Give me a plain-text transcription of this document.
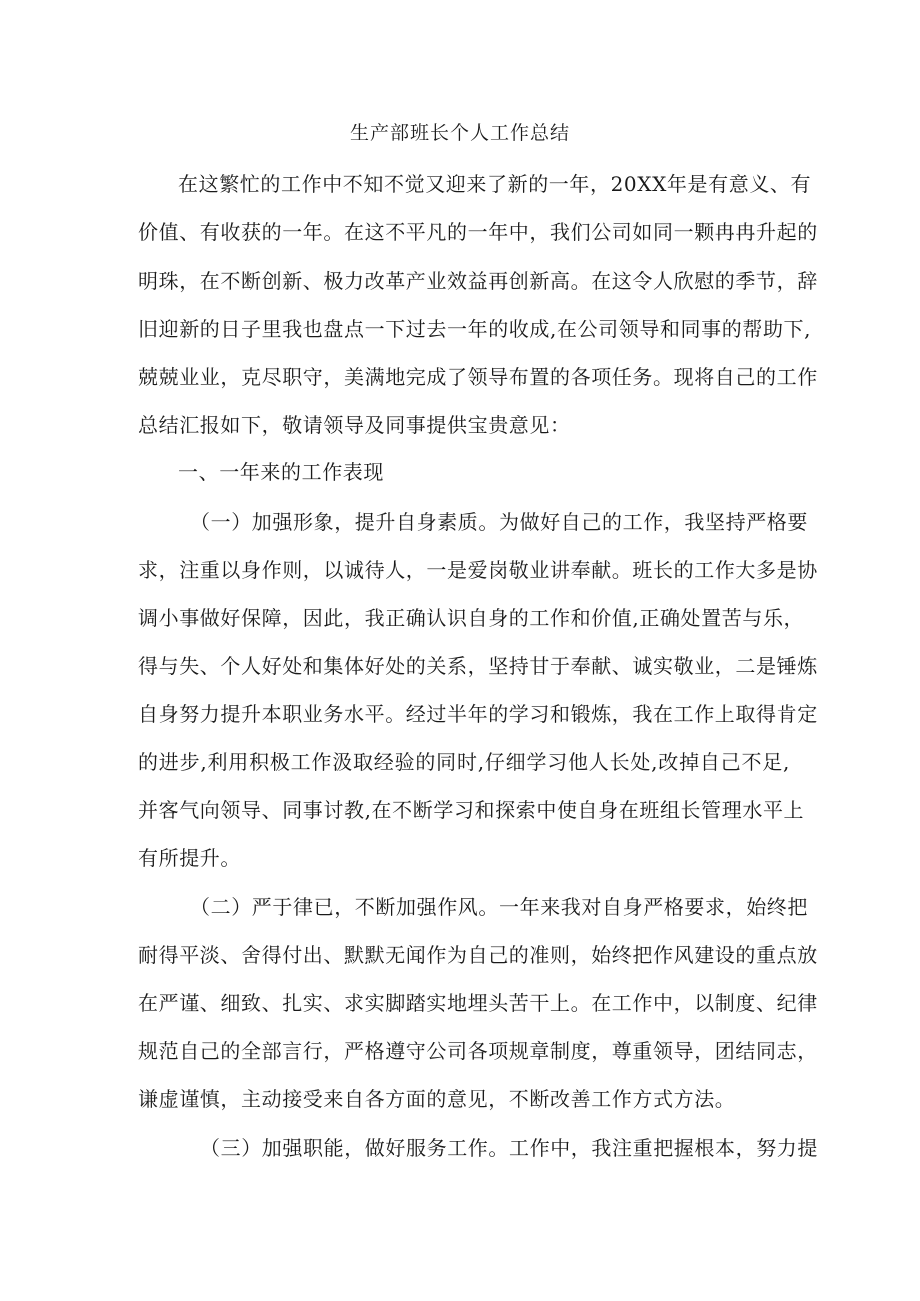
生产部班长个人工作总结
在这繁忙的工作中不知不觉又迎来了新的一年，20XX年是有意义、有
价值、有收获的一年。在这不平凡的一年中，我们公司如同一颗冉冉升起的
明珠，在不断创新、极力改革产业效益再创新高。在这令人欣慰的季节，辞
旧迎新的日子里我也盘点一下过去一年的收成,在公司领导和同事的帮助下,
兢兢业业，克尽职守，美满地完成了领导布置的各项任务。现将自己的工作
总结汇报如下，敬请领导及同事提供宝贵意见：
一、一年来的工作表现
（一）加强形象，提升自身素质。为做好自己的工作，我坚持严格要
求，注重以身作则，以诚待人，一是爱岗敬业讲奉献。班长的工作大多是协
调小事做好保障，因此，我正确认识自身的工作和价值,正确处置苦与乐，
得与失、个人好处和集体好处的关系，坚持甘于奉献、诚实敬业，二是锤炼
自身努力提升本职业务水平。经过半年的学习和锻炼，我在工作上取得肯定
的进步,利用积极工作汲取经验的同时,仔细学习他人长处,改掉自己不足,
并客气向领导、同事讨教,在不断学习和探索中使自身在班组长管理水平上
有所提升。
（二）严于律已，不断加强作风。一年来我对自身严格要求，始终把
耐得平淡、舍得付出、默默无闻作为自己的准则，始终把作风建设的重点放
在严谨、细致、扎实、求实脚踏实地埋头苦干上。在工作中，以制度、纪律
规范自己的全部言行，严格遵守公司各项规章制度，尊重领导，团结同志，
谦虚谨慎，主动接受来自各方面的意见，不断改善工作方式方法。
（三）加强职能，做好服务工作。工作中，我注重把握根本，努力提
